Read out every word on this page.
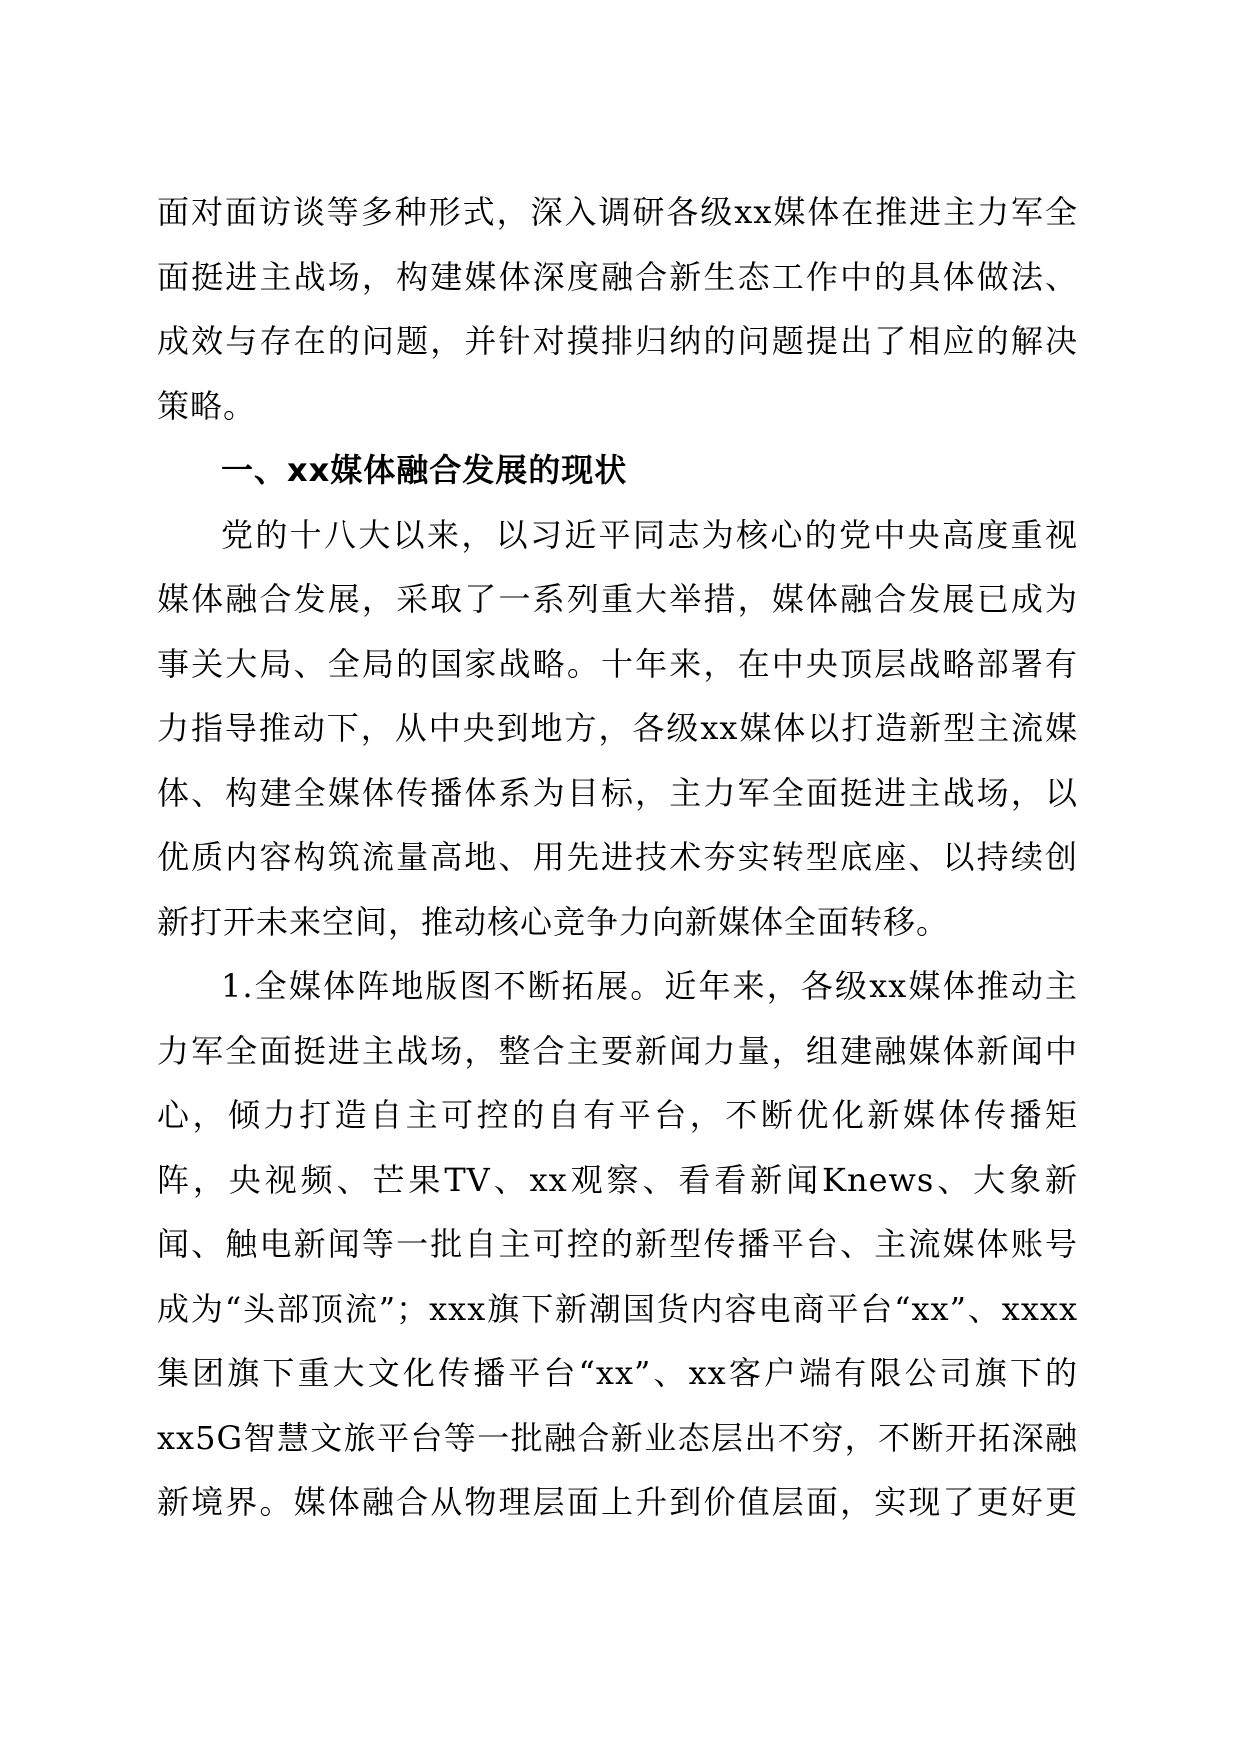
面对面访谈等多种形式，深入调研各级xx媒体在推进主力军全面挺进主战场，构建媒体深度融合新生态工作中的具体做法、成效与存在的问题，并针对摸排归纳的问题提出了相应的解决策略。

一、xx媒体融合发展的现状

党的十八大以来，以习近平同志为核心的党中央高度重视媒体融合发展，采取了一系列重大举措，媒体融合发展已成为事关大局、全局的国家战略。十年来，在中央顶层战略部署有力指导推动下，从中央到地方，各级xx媒体以打造新型主流媒体、构建全媒体传播体系为目标，主力军全面挺进主战场，以优质内容构筑流量高地、用先进技术夯实转型底座、以持续创新打开未来空间，推动核心竞争力向新媒体全面转移。

1.全媒体阵地版图不断拓展。近年来，各级xx媒体推动主力军全面挺进主战场，整合主要新闻力量，组建融媒体新闻中心，倾力打造自主可控的自有平台，不断优化新媒体传播矩阵，央视频、芒果TV、xx观察、看看新闻Knews、大象新闻、触电新闻等一批自主可控的新型传播平台、主流媒体账号成为“头部顶流”；xxx旗下新潮国货内容电商平台“xx”、xxxx集团旗下重大文化传播平台“xx”、xx客户端有限公司旗下的xx5G智慧文旅平台等一批融合新业态层出不穷，不断开拓深融新境界。媒体融合从物理层面上升到价值层面，实现了更好更
